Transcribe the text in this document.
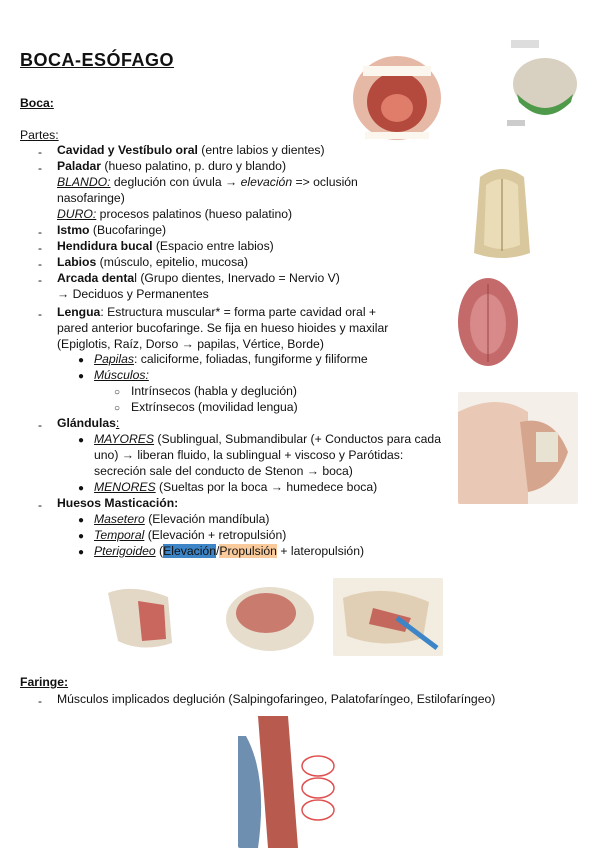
BOCA-ESÓFAGO
Boca:
Partes:
- Cavidad y Vestíbulo oral (entre labios y dientes)
- Paladar (hueso palatino, p. duro y blando)
BLANDO: deglución con úvula → elevación => oclusión
nasofaringe)
DURO: procesos palatinos (hueso palatino)
- Istmo (Bucofaringe)
- Hendidura bucal (Espacio entre labios)
- Labios (músculo, epitelio, mucosa)
- Arcada dental (Grupo dientes, Inervado = Nervio V)
→ Deciduos y Permanentes
- Lengua: Estructura muscular* = forma parte cavidad oral +
pared anterior bucofaringe. Se fija en hueso hioides y maxilar
(Epiglotis, Raíz, Dorso → papilas, Vértice, Borde)
● Papilas: caliciforme, foliadas, fungiforme y filiforme
● Músculos:
○ Intrínsecos (habla y deglución)
○ Extrínsecos (movilidad lengua)
- Glándulas:
● MAYORES (Sublingual, Submandibular (+ Conductos para cada
uno) → liberan fluido, la sublingual + viscoso y Parótidas:
secreción sale del conducto de Stenon → boca)
● MENORES (Sueltas por la boca → humedece boca)
- Huesos Masticación:
● Masetero (Elevación mandíbula)
● Temporal (Elevación + retropulsión)
● Pterigoideo (Elevación/Propulsión + lateropulsión)
Faringe:
- Músculos implicados deglución (Salpingofaringeo, Palatofaríngeo, Estilofaríngeo)
